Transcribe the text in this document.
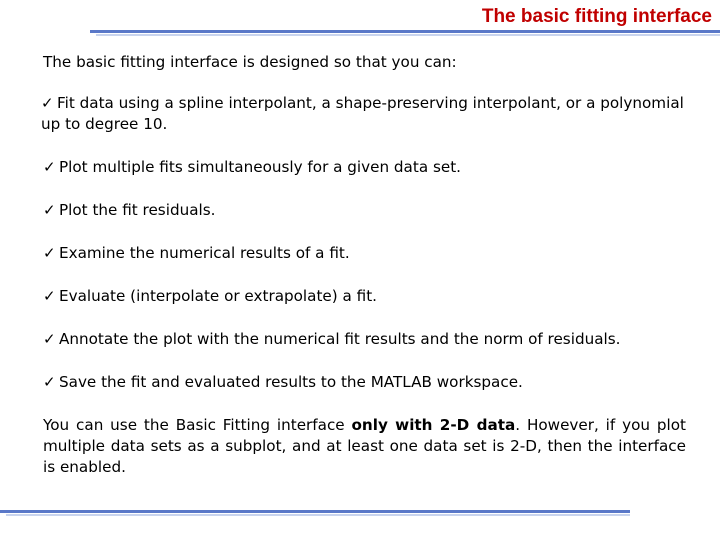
The basic fitting interface

The basic fitting interface is designed so that you can:

✓ Fit data using a spline interpolant, a shape-preserving interpolant, or a polynomial up to degree 10.
✓ Plot multiple fits simultaneously for a given data set.
✓ Plot the fit residuals.
✓ Examine the numerical results of a fit.
✓ Evaluate (interpolate or extrapolate) a fit.
✓ Annotate the plot with the numerical fit results and the norm of residuals.
✓ Save the fit and evaluated results to the MATLAB workspace.

You can use the Basic Fitting interface only with 2-D data. However, if you plot multiple data sets as a subplot, and at least one data set is 2-D, then the interface is enabled.
